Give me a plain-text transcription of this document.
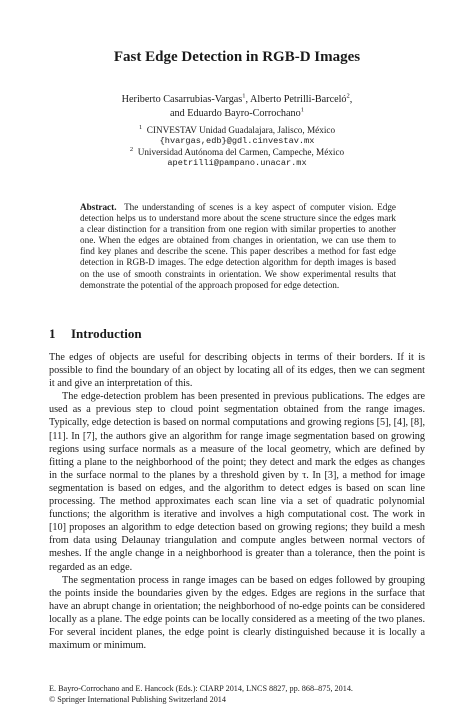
Fast Edge Detection in RGB-D Images
Heriberto Casarrubias-Vargas$^1$, Alberto Petrilli-Barceló$^2$,
and Eduardo Bayro-Corrochano$^1$
$^1$ CINVESTAV Unidad Guadalajara, Jalisco, México
{hvargas,edb}@gdl.cinvestav.mx
$^2$ Universidad Autónoma del Carmen, Campeche, México
apetrilli@pampano.unacar.mx
Abstract. The understanding of scenes is a key aspect of computer vision. Edge detection helps us to understand more about the scene structure since the edges mark a clear distinction for a transition from one region with similar properties to another one. When the edges are obtained from changes in orientation, we can use them to find key planes and describe the scene. This paper describes a method for fast edge detection in RGB-D images. The edge detection algorithm for depth images is based on the use of smooth constraints in orientation. We show experimental results that demonstrate the potential of the approach proposed for edge detection.
1 Introduction

The edges of objects are useful for describing objects in terms of their borders. If it is possible to find the boundary of an object by locating all of its edges, then we can segment it and give an interpretation of this.

The edge-detection problem has been presented in previous publications. The edges are used as a previous step to cloud point segmentation obtained from the range images. Typically, edge detection is based on normal computations and growing regions [5], [4], [8], [11]. In [7], the authors give an algorithm for range image segmentation based on growing regions using surface normals as a measure of the local geometry, which are defined by fitting a plane to the neighborhood of the point; they detect and mark the edges as changes in the surface normal to the planes by a threshold given by τ. In [3], a method for image segmentation is based on edges, and the algorithm to detect edges is based on scan line processing. The method approximates each scan line via a set of quadratic polynomial functions; the algorithm is iterative and involves a high computational cost. The work in [10] proposes an algorithm to edge detection based on growing regions; they build a mesh from data using Delaunay triangulation and compute angles between normal vectors of meshes. If the angle change in a neighborhood is greater than a tolerance, then the point is regarded as an edge.

The segmentation process in range images can be based on edges followed by grouping the points inside the boundaries given by the edges. Edges are regions in the surface that have an abrupt change in orientation; the neighborhood of no-edge points can be considered locally as a plane. The edge points can be locally considered as a meeting of the two planes. For several incident planes, the edge point is clearly distinguished because it is locally a maximum or minimum.

E. Bayro-Corrochano and E. Hancock (Eds.): CIARP 2014, LNCS 8827, pp. 868–875, 2014.
© Springer International Publishing Switzerland 2014
